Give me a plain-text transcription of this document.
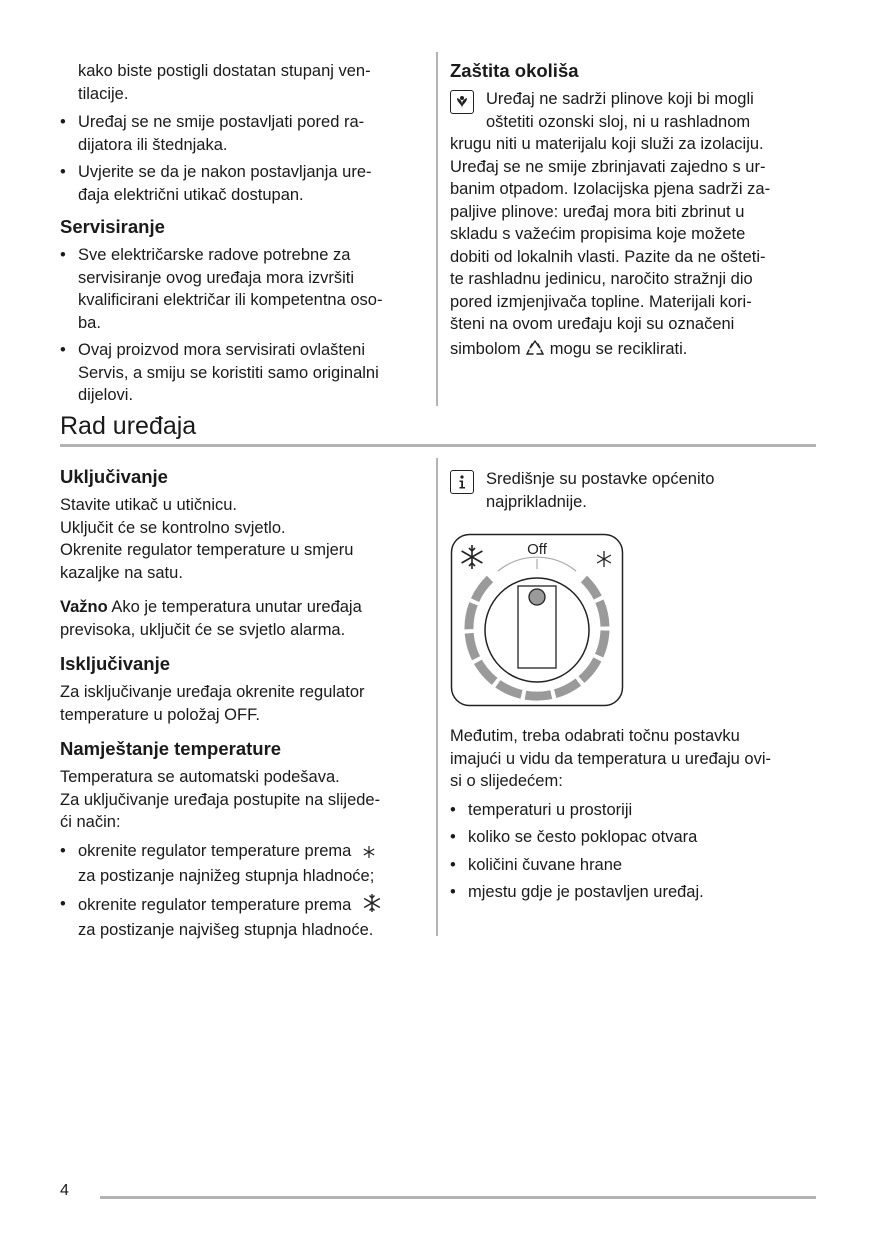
kako biste postigli dostatan stupanj ven-

tilacije.

• Uređaj se ne smije postavljati pored ra-

dijatora ili štednjaka.

• Uvjerite se da je nakon postavljanja ure-

đaja električni utikač dostupan.

Servisiranje

• Sve električarske radove potrebne za

servisiranje ovog uređaja mora izvršiti

kvalificirani električar ili kompetentna oso-

ba.

• Ovaj proizvod mora servisirati ovlašteni

Servis, a smiju se koristiti samo originalni

dijelovi.

Zaštita okoliša

Uređaj ne sadrži plinove koji bi mogli

oštetiti ozonski sloj, ni u rashladnom

krugu niti u materijalu koji služi za izolaciju.

Uređaj se ne smije zbrinjavati zajedno s ur-

banim otpadom. Izolacijska pjena sadrži za-

paljive plinove: uređaj mora biti zbrinut u

skladu s važećim propisima koje možete

dobiti od lokalnih vlasti. Pazite da ne ošteti-

te rashladnu jedinicu, naročito stražnji dio

pored izmjenjivača topline. Materijali kori-

šteni na ovom uređaju koji su označeni

simbolom mogu se reciklirati.

Rad uređaja
Uključivanje

Stavite utikač u utičnicu.

Uključit će se kontrolno svjetlo.

Okrenite regulator temperature u smjeru

kazaljke na satu.

Važno Ako je temperatura unutar uređaja

previsoka, uključit će se svjetlo alarma.

Isključivanje

Za isključivanje uređaja okrenite regulator

temperature u položaj OFF.

Namještanje temperature

Temperatura se automatski podešava.

Za uključivanje uređaja postupite na slijede-

ći način:

• okrenite regulator temperature prema

za postizanje najnižeg stupnja hladnoće;

• okrenite regulator temperature prema

za postizanje najvišeg stupnja hladnoće.

Središnje su postavke općenito

najprikladnije.

Off

Međutim, treba odabrati točnu postavku

imajući u vidu da temperatura u uređaju ovi-

si o slijedećem:

• temperaturi u prostoriji
• koliko se često poklopac otvara
• količini čuvane hrane
• mjestu gdje je postavljen uređaj.
4
